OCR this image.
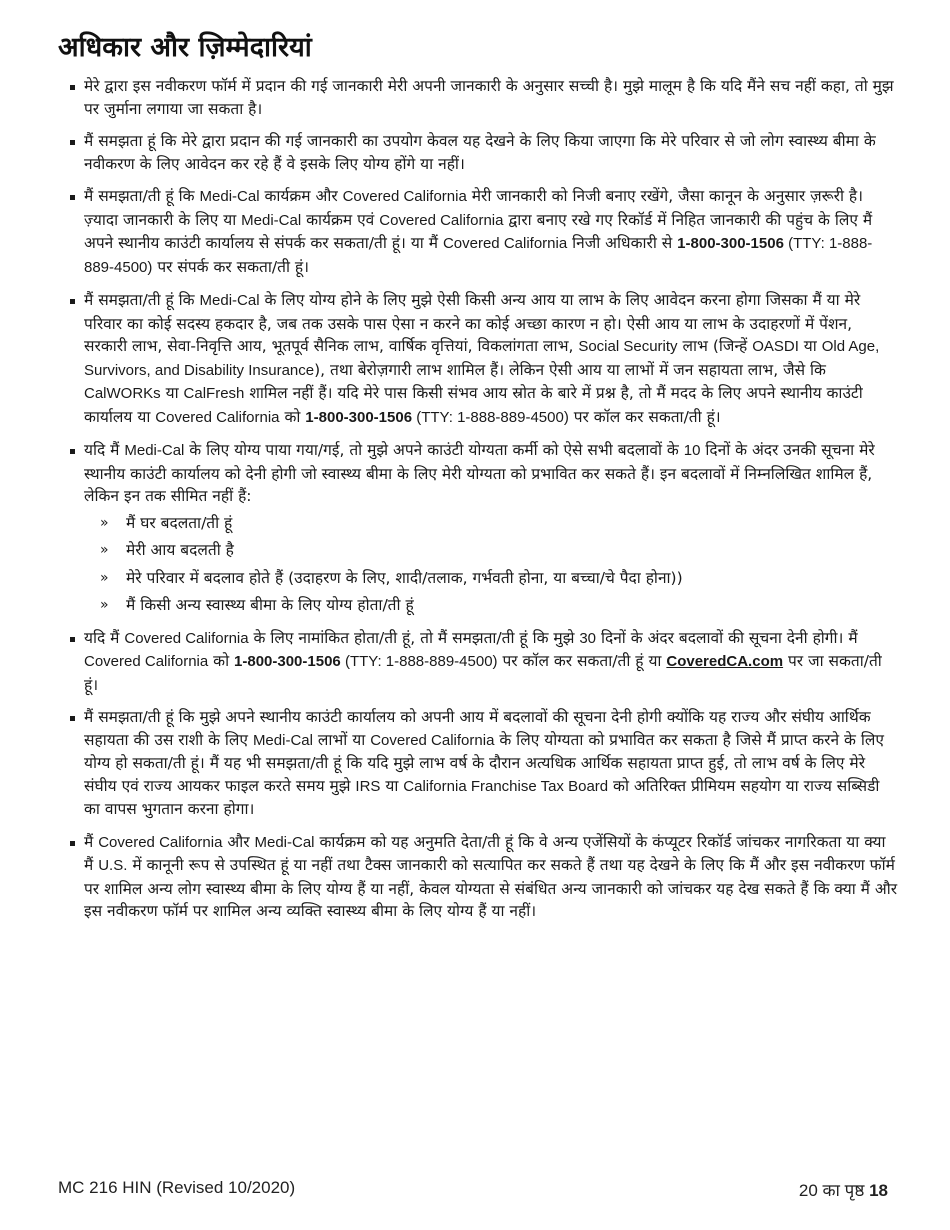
अधिकार और ज़िम्मेदारियां
मेरे द्वारा इस नवीकरण फॉर्म में प्रदान की गई जानकारी मेरी अपनी जानकारी के अनुसार सच्ची है। मुझे मालूम है कि यदि मैंने सच नहीं कहा, तो मुझ पर जुर्माना लगाया जा सकता है।
मैं समझता हूं कि मेरे द्वारा प्रदान की गई जानकारी का उपयोग केवल यह देखने के लिए किया जाएगा कि मेरे परिवार से जो लोग स्वास्थ्य बीमा के नवीकरण के लिए आवेदन कर रहे हैं वे इसके लिए योग्य होंगे या नहीं।
मैं समझता/ती हूं कि Medi-Cal कार्यक्रम और Covered California मेरी जानकारी को निजी बनाए रखेंगे, जैसा कानून के अनुसार ज़रूरी है। ज़्यादा जानकारी के लिए या Medi-Cal कार्यक्रम एवं Covered California द्वारा बनाए रखे गए रिकॉर्ड में निहित जानकारी की पहुंच के लिए मैं अपने स्थानीय काउंटी कार्यालय से संपर्क कर सकता/ती हूं। या मैं Covered California निजी अधिकारी से 1-800-300-1506 (TTY: 1-888-889-4500) पर संपर्क कर सकता/ती हूं।
मैं समझता/ती हूं कि Medi-Cal के लिए योग्य होने के लिए मुझे ऐसी किसी अन्य आय या लाभ के लिए आवेदन करना होगा जिसका मैं या मेरे परिवार का कोई सदस्य हकदार है, जब तक उसके पास ऐसा न करने का कोई अच्छा कारण न हो। ऐसी आय या लाभ के उदाहरणों में पेंशन, सरकारी लाभ, सेवा-निवृत्ति आय, भूतपूर्व सैनिक लाभ, वार्षिक वृत्तियां, विकलांगता लाभ, Social Security लाभ (जिन्हें OASDI या Old Age, Survivors, and Disability Insurance), तथा बेरोज़गारी लाभ शामिल हैं। लेकिन ऐसी आय या लाभों में जन सहायता लाभ, जैसे कि CalWORKs या CalFresh शामिल नहीं हैं। यदि मेरे पास किसी संभव आय स्रोत के बारे में प्रश्न है, तो मैं मदद के लिए अपने स्थानीय काउंटी कार्यालय या Covered California को 1-800-300-1506 (TTY: 1-888-889-4500) पर कॉल कर सकता/ती हूं।
यदि मैं Medi-Cal के लिए योग्य पाया गया/गई, तो मुझे अपने काउंटी योग्यता कर्मी को ऐसे सभी बदलावों के 10 दिनों के अंदर उनकी सूचना मेरे स्थानीय काउंटी कार्यालय को देनी होगी जो स्वास्थ्य बीमा के लिए मेरी योग्यता को प्रभावित कर सकते हैं। इन बदलावों में निम्नलिखित शामिल हैं, लेकिन इन तक सीमित नहीं हैं:
» मैं घर बदलता/ती हूं
» मेरी आय बदलती है
» मेरे परिवार में बदलाव होते हैं (उदाहरण के लिए, शादी/तलाक, गर्भवती होना, या बच्चा/चे पैदा होना))
» मैं किसी अन्य स्वास्थ्य बीमा के लिए योग्य होता/ती हूं
यदि मैं Covered California के लिए नामांकित होता/ती हूं, तो मैं समझता/ती हूं कि मुझे 30 दिनों के अंदर बदलावों की सूचना देनी होगी। मैं Covered California को 1-800-300-1506 (TTY: 1-888-889-4500) पर कॉल कर सकता/ती हूं या CoveredCA.com पर जा सकता/ती हूं।
मैं समझता/ती हूं कि मुझे अपने स्थानीय काउंटी कार्यालय को अपनी आय में बदलावों की सूचना देनी होगी क्योंकि यह राज्य और संघीय आर्थिक सहायता की उस राशी के लिए Medi-Cal लाभों या Covered California के लिए योग्यता को प्रभावित कर सकता है जिसे मैं प्राप्त करने के लिए योग्य हो सकता/ती हूं। मैं यह भी समझता/ती हूं कि यदि मुझे लाभ वर्ष के दौरान अत्यधिक आर्थिक सहायता प्राप्त हुई, तो लाभ वर्ष के लिए मेरे संघीय एवं राज्य आयकर फाइल करते समय मुझे IRS या California Franchise Tax Board को अतिरिक्त प्रीमियम सहयोग या राज्य सब्सिडी का वापस भुगतान करना होगा।
मैं Covered California और Medi-Cal कार्यक्रम को यह अनुमति देता/ती हूं कि वे अन्य एजेंसियों के कंप्यूटर रिकॉर्ड जांचकर नागरिकता या क्या मैं U.S. में कानूनी रूप से उपस्थित हूं या नहीं तथा टैक्स जानकारी को सत्यापित कर सकते हैं तथा यह देखने के लिए कि मैं और इस नवीकरण फॉर्म पर शामिल अन्य लोग स्वास्थ्य बीमा के लिए योग्य हैं या नहीं, केवल योग्यता से संबंधित अन्य जानकारी को जांचकर यह देख सकते हैं कि क्या मैं और इस नवीकरण फॉर्म पर शामिल अन्य व्यक्ति स्वास्थ्य बीमा के लिए योग्य हैं या नहीं।
MC 216 HIN (Revised 10/2020)	20 का पृष्ठ 18
